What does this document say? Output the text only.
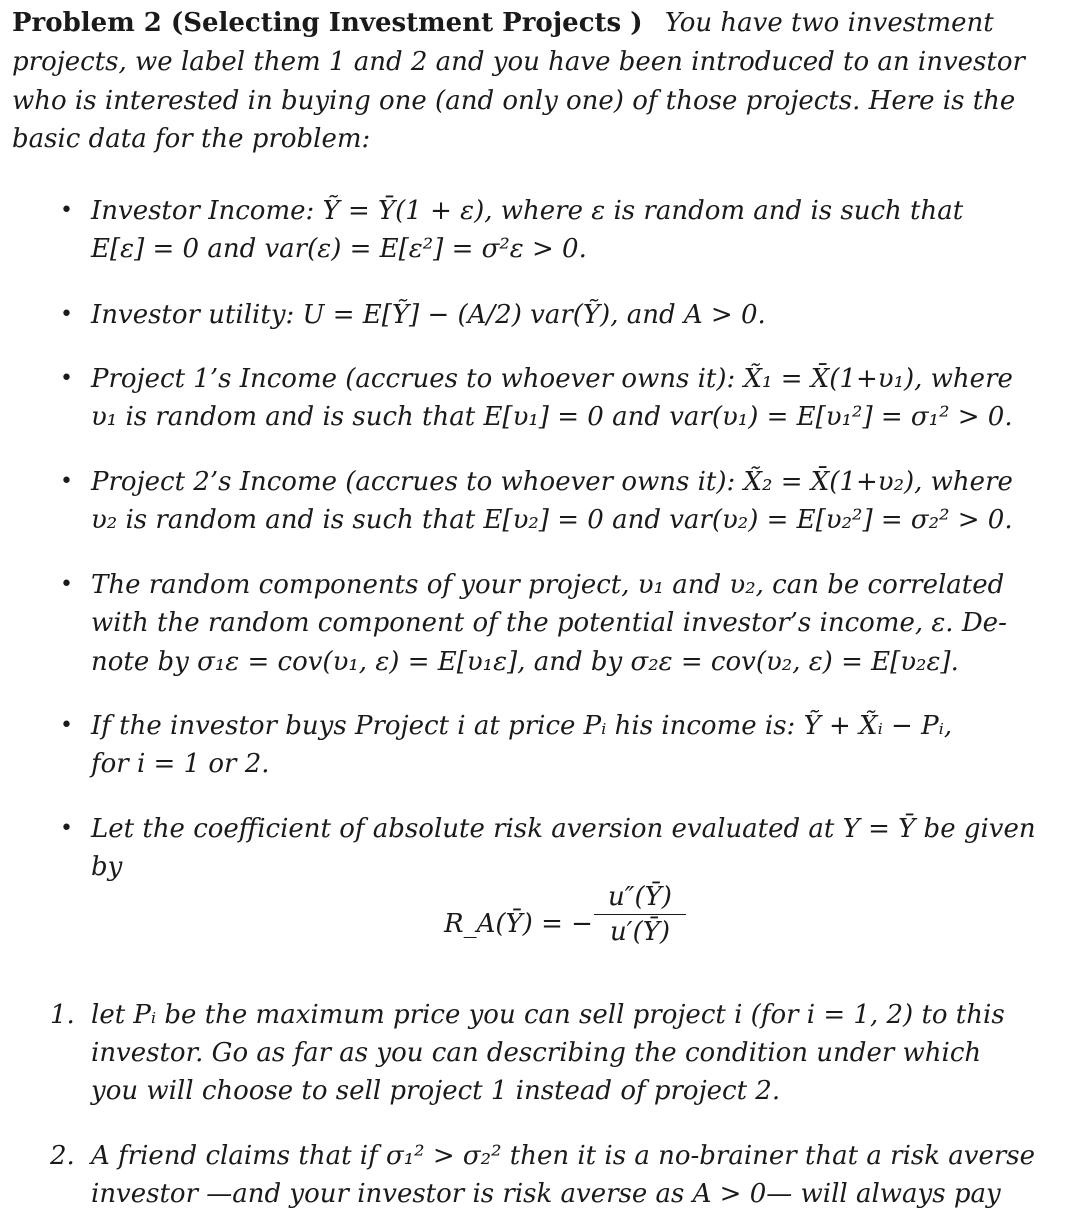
Problem 2 (Selecting Investment Projects ) You have two investment
projects, we label them 1 and 2 and you have been introduced to an investor
who is interested in buying one (and only one) of those projects. Here is the
basic data for the problem:
• Investor Income: Ỹ = Ȳ(1 + ε), where ε is random and is such that
E[ε] = 0 and var(ε) = E[ε²] = σ²ε > 0.
• Investor utility: U = E[Ỹ] − (A/2) var(Ỹ), and A > 0.
• Project 1’s Income (accrues to whoever owns it): X̃₁ = X̄(1+υ₁), where
υ₁ is random and is such that E[υ₁] = 0 and var(υ₁) = E[υ₁²] = σ₁² > 0.
• Project 2’s Income (accrues to whoever owns it): X̃₂ = X̄(1+υ₂), where
υ₂ is random and is such that E[υ₂] = 0 and var(υ₂) = E[υ₂²] = σ₂² > 0.
• The random components of your project, υ₁ and υ₂, can be correlated
with the random component of the potential investor’s income, ε. De-
note by σ₁ε = cov(υ₁, ε) = E[υ₁ε], and by σ₂ε = cov(υ₂, ε) = E[υ₂ε].
• If the investor buys Project i at price Pᵢ his income is: Ỹ + X̃ᵢ − Pᵢ,
for i = 1 or 2.
• Let the coefficient of absolute risk aversion evaluated at Y = Ȳ be given
by
R_A(Ȳ) = −
u″(Ȳ)
u′(Ȳ)
1. let Pᵢ be the maximum price you can sell project i (for i = 1, 2) to this
investor. Go as far as you can describing the condition under which
you will choose to sell project 1 instead of project 2.
2. A friend claims that if σ₁² > σ₂² then it is a no-brainer that a risk averse
investor —and your investor is risk averse as A > 0— will always pay
